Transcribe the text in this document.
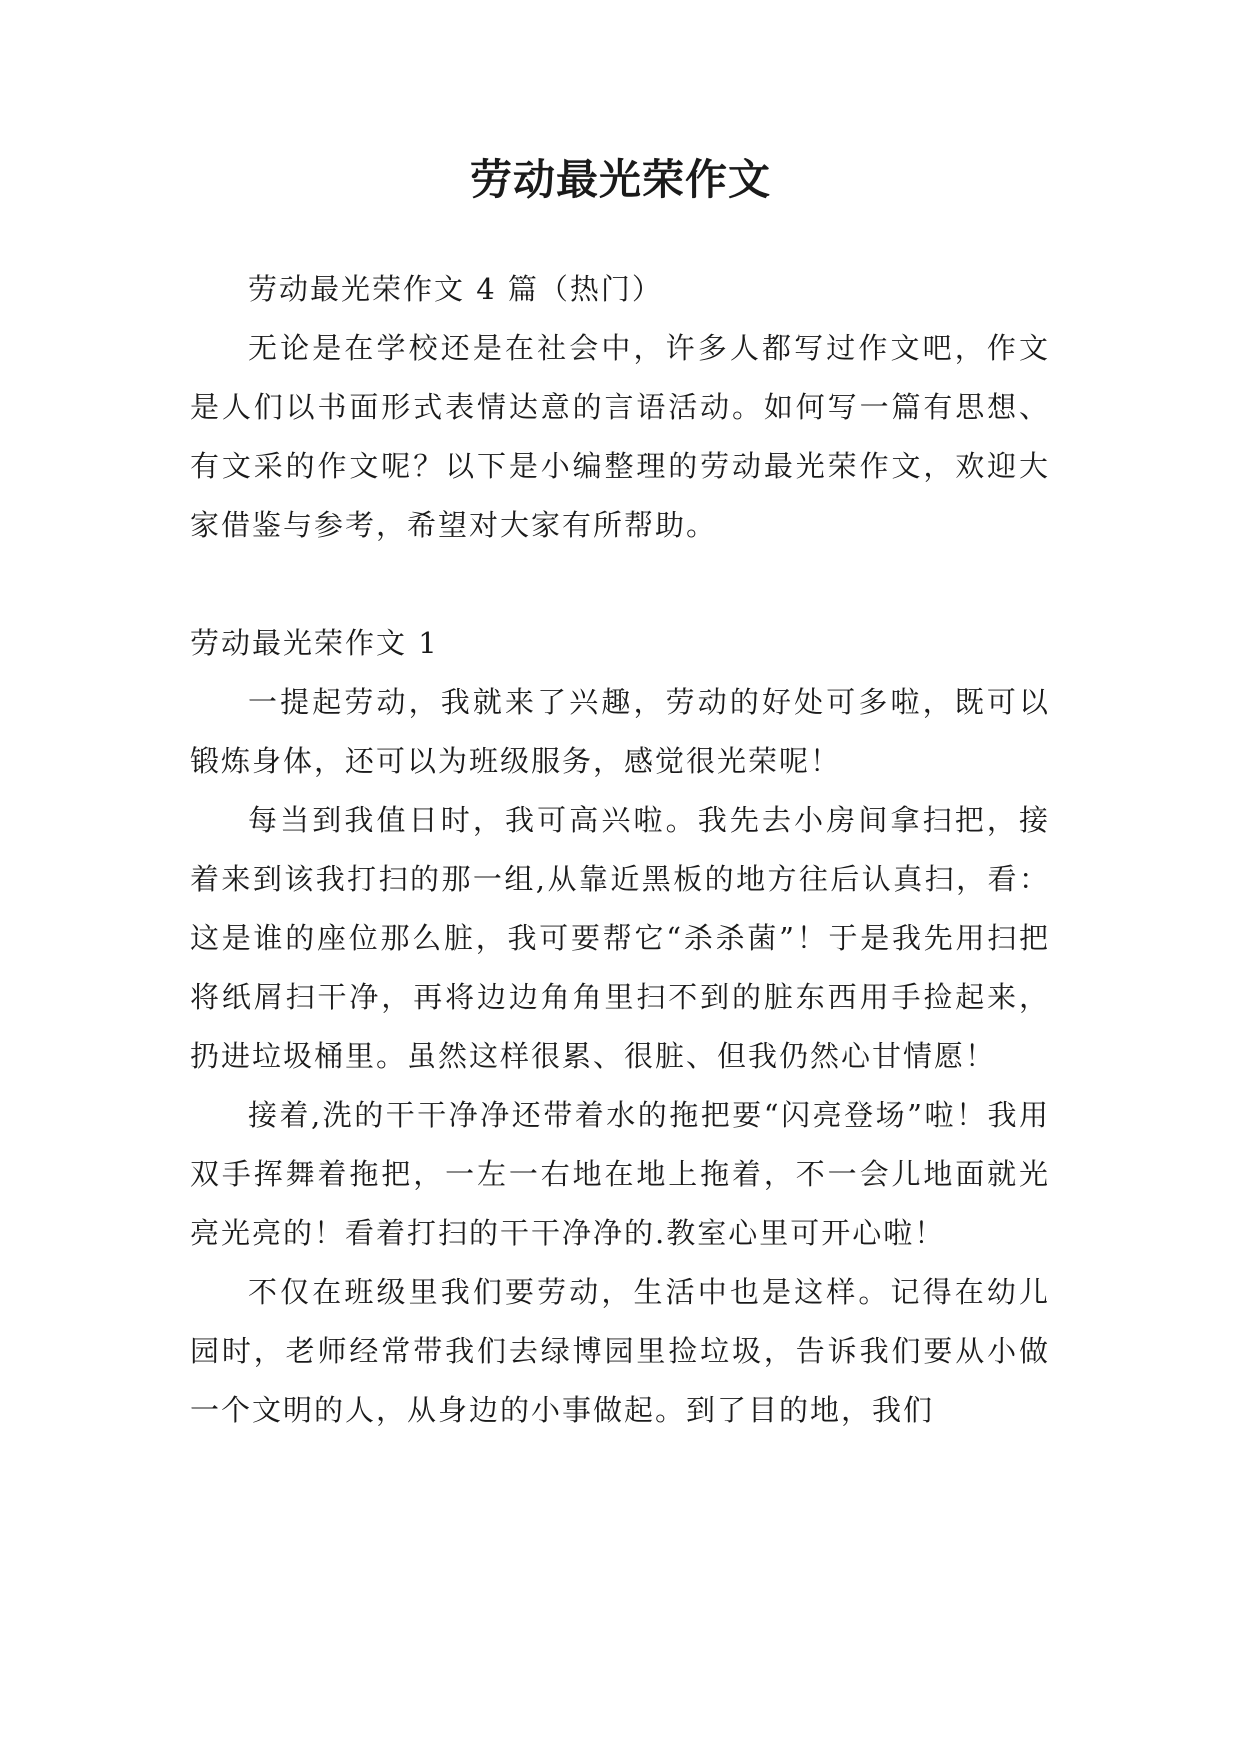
劳动最光荣作文

劳动最光荣作文 4 篇（热门）

无论是在学校还是在社会中，许多人都写过作文吧，作文是人们以书面形式表情达意的言语活动。如何写一篇有思想、有文采的作文呢？以下是小编整理的劳动最光荣作文，欢迎大家借鉴与参考，希望对大家有所帮助。

劳动最光荣作文 1

一提起劳动，我就来了兴趣，劳动的好处可多啦，既可以锻炼身体，还可以为班级服务，感觉很光荣呢！

每当到我值日时，我可高兴啦。我先去小房间拿扫把，接着来到该我打扫的那一组,从靠近黑板的地方往后认真扫，看：这是谁的座位那么脏，我可要帮它“杀杀菌”！于是我先用扫把将纸屑扫干净，再将边边角角里扫不到的脏东西用手捡起来，扔进垃圾桶里。虽然这样很累、很脏、但我仍然心甘情愿！

接着,洗的干干净净还带着水的拖把要“闪亮登场”啦！我用双手挥舞着拖把，一左一右地在地上拖着，不一会儿地面就光亮光亮的！看着打扫的干干净净的.教室心里可开心啦！

不仅在班级里我们要劳动，生活中也是这样。记得在幼儿园时，老师经常带我们去绿博园里捡垃圾，告诉我们要从小做一个文明的人，从身边的小事做起。到了目的地，我们
